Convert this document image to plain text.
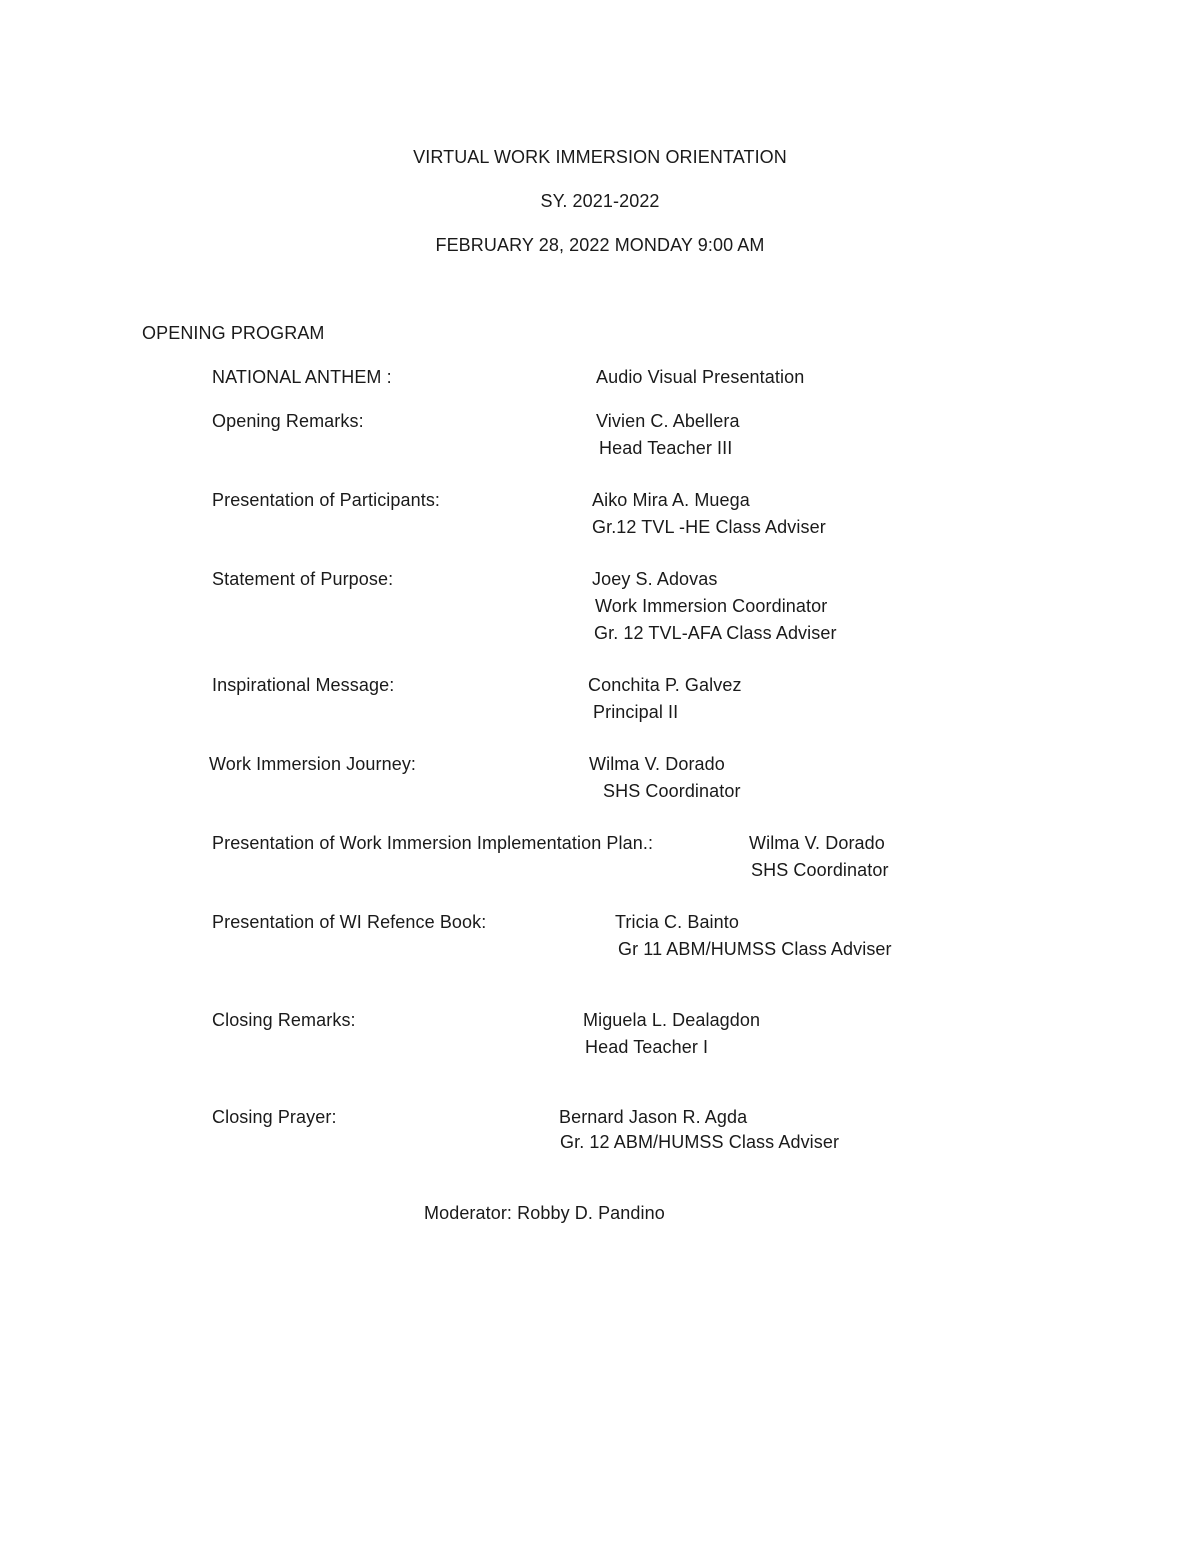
VIRTUAL WORK IMMERSION ORIENTATION
SY. 2021-2022
FEBRUARY 28, 2022 MONDAY 9:00 AM
OPENING PROGRAM
NATIONAL ANTHEM :	Audio Visual Presentation
Opening Remarks:	Vivien C. Abellera
Head Teacher III
Presentation of Participants:	Aiko Mira A. Muega
Gr.12 TVL -HE Class Adviser
Statement of Purpose:	Joey S. Adovas
Work Immersion Coordinator
Gr. 12 TVL-AFA Class Adviser
Inspirational Message:	Conchita P. Galvez
Principal II
Work Immersion Journey:	Wilma V. Dorado
SHS Coordinator
Presentation of Work Immersion Implementation Plan.:	Wilma V. Dorado
SHS Coordinator
Presentation of WI Refence Book:	Tricia C. Bainto
Gr 11 ABM/HUMSS Class Adviser
Closing Remarks:	Miguela L. Dealagdon
Head Teacher I
Closing Prayer:	Bernard Jason R. Agda
Gr. 12 ABM/HUMSS Class Adviser
Moderator: Robby D. Pandino
